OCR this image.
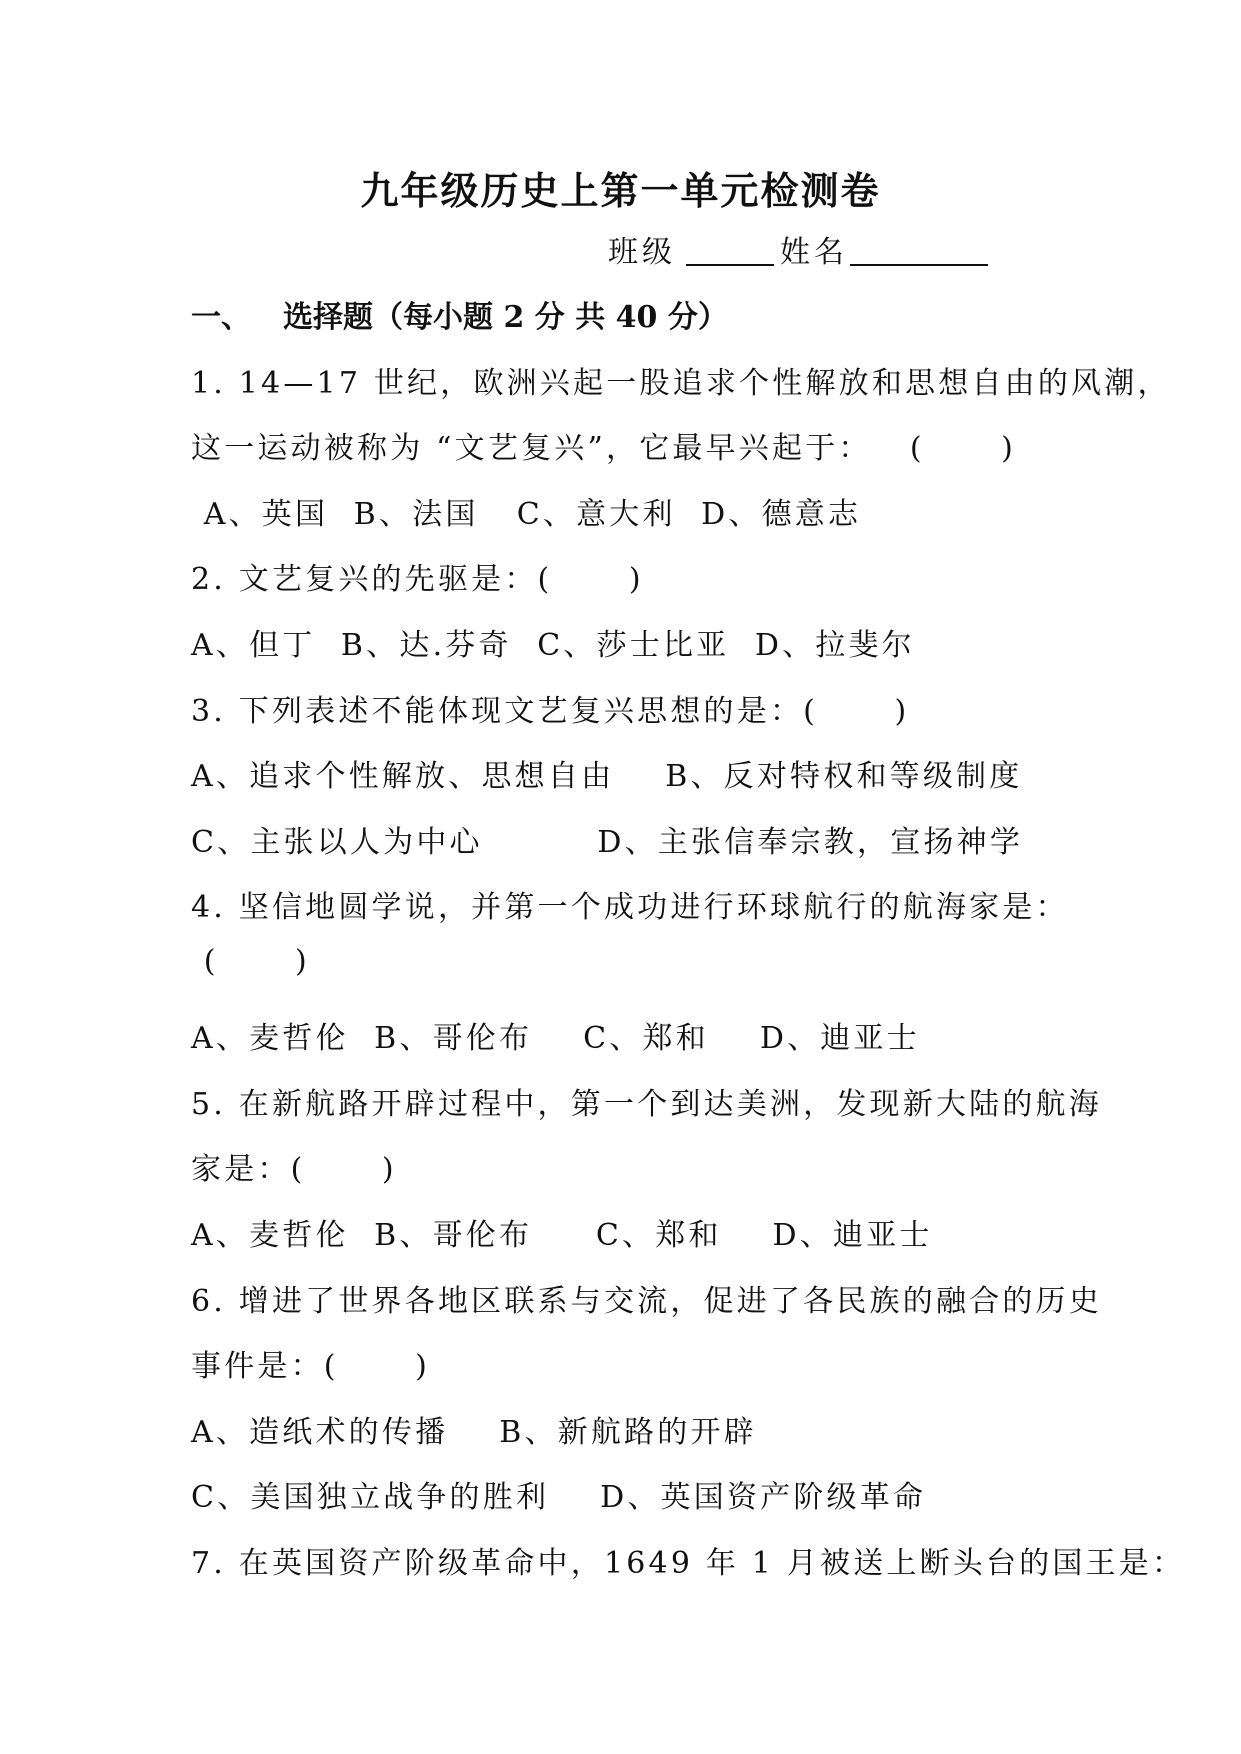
九年级历史上第一单元检测卷
班级	姓名
一、 选择题（每小题 2 分 共 40 分）
1. 14—17 世纪，欧洲兴起一股追求个性解放和思想自由的风潮，
这一运动被称为 “文艺复兴”，它最早兴起于：   (      )
A、英国  B、法国   C、意大利  D、德意志
2. 文艺复兴的先驱是：(      )
A、但丁  B、达.芬奇  C、莎士比亚  D、拉斐尔
3. 下列表述不能体现文艺复兴思想的是：(      )
A、追求个性解放、思想自由    B、反对特权和等级制度
C、主张以人为中心         D、主张信奉宗教，宣扬神学
4. 坚信地圆学说，并第一个成功进行环球航行的航海家是：
(      )
A、麦哲伦  B、哥伦布    C、郑和    D、迪亚士
5. 在新航路开辟过程中，第一个到达美洲，发现新大陆的航海
家是：(      )
A、麦哲伦  B、哥伦布     C、郑和    D、迪亚士
6. 增进了世界各地区联系与交流，促进了各民族的融合的历史
事件是：(      )
A、造纸术的传播    B、新航路的开辟
C、美国独立战争的胜利    D、英国资产阶级革命
7. 在英国资产阶级革命中，1649 年 1 月被送上断头台的国王是：
